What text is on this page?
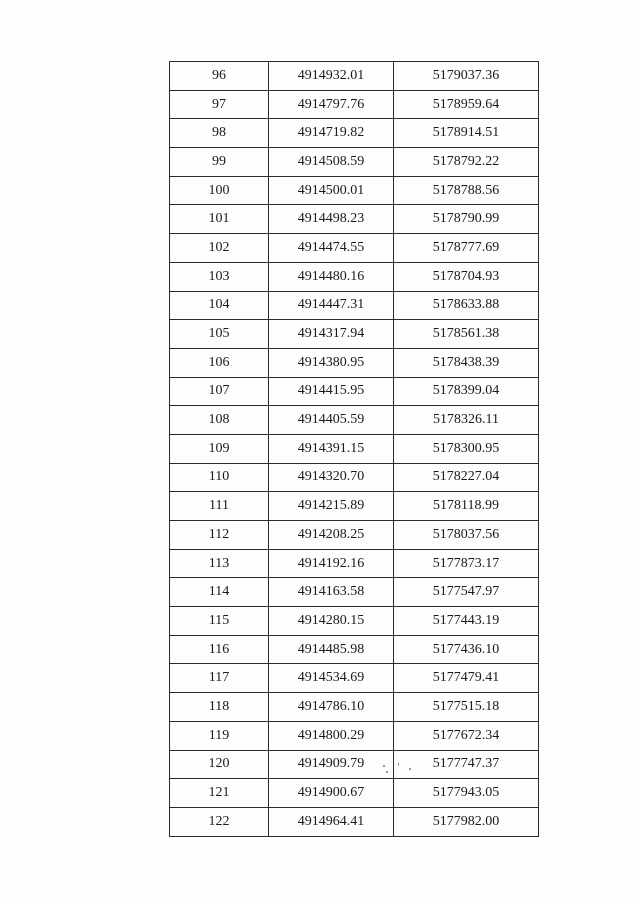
96	4914932.01	5179037.36
97	4914797.76	5178959.64
98	4914719.82	5178914.51
99	4914508.59	5178792.22
100	4914500.01	5178788.56
101	4914498.23	5178790.99
102	4914474.55	5178777.69
103	4914480.16	5178704.93
104	4914447.31	5178633.88
105	4914317.94	5178561.38
106	4914380.95	5178438.39
107	4914415.95	5178399.04
108	4914405.59	5178326.11
109	4914391.15	5178300.95
110	4914320.70	5178227.04
111	4914215.89	5178118.99
112	4914208.25	5178037.56
113	4914192.16	5177873.17
114	4914163.58	5177547.97
115	4914280.15	5177443.19
116	4914485.98	5177436.10
117	4914534.69	5177479.41
118	4914786.10	5177515.18
119	4914800.29	5177672.34
120	4914909.79	5177747.37
121	4914900.67	5177943.05
122	4914964.41	5177982.00
